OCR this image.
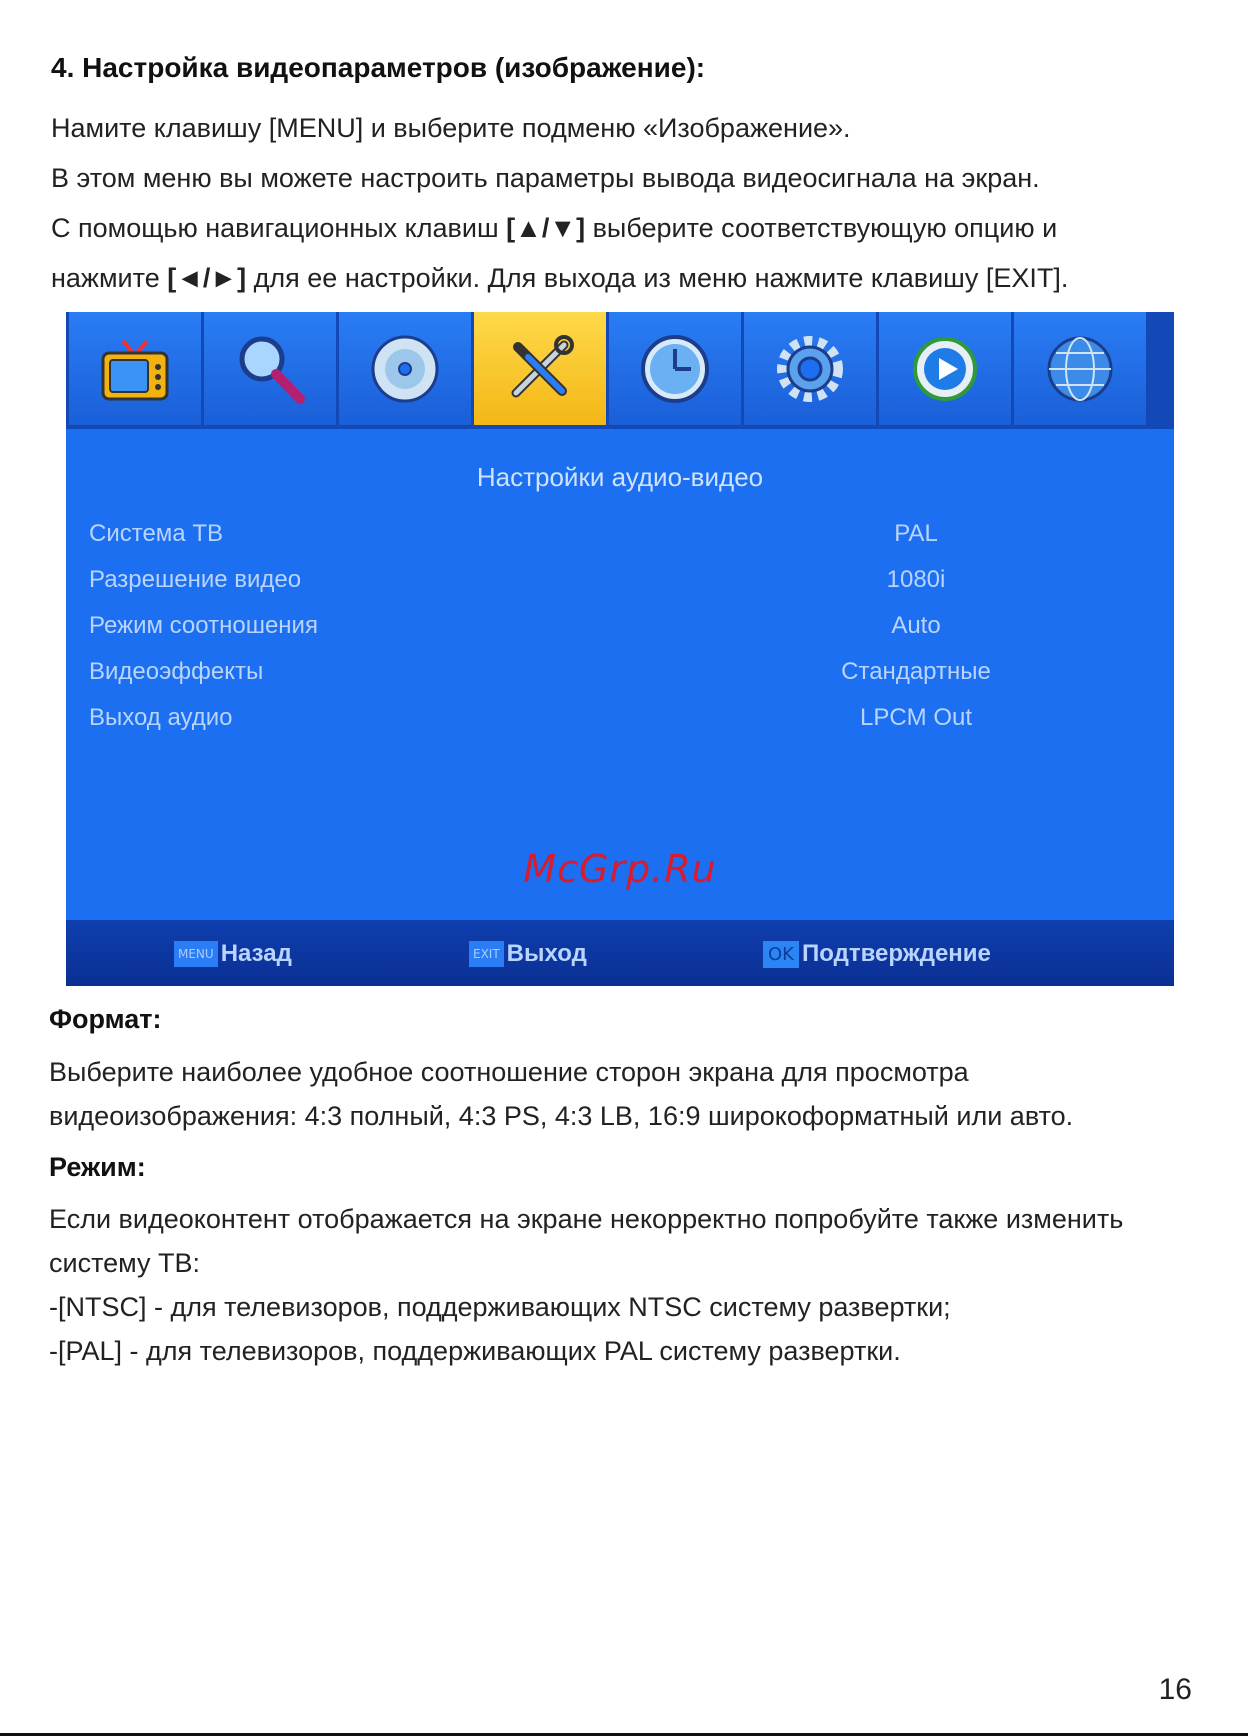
4. Настройка видеопараметров (изображение):

Намите клавишу [MENU] и выберите подменю «Изображение».

В этом меню вы можете настроить параметры вывода видеосигнала на экран.

С помощью навигационных клавиш [▲/▼] выберите соответствующую опцию и

нажмите [◄/►] для ее настройки. Для выхода из меню нажмите клавишу [EXIT].

Настройки аудио-видео
Система ТВ	PAL
Разрешение видео	1080i
Режим соотношения	Auto
Видеоэффекты	Стандартные
Выход аудио	LPCM Out
McGrp.Ru
MENU Назад	EXIT Выход	OK Подтверждение
Формат:

Выберите наиболее удобное соотношение сторон экрана для просмотра

видеоизображения: 4:3 полный, 4:3 PS, 4:3 LB, 16:9 широкоформатный или авто.

Режим:

Если видеоконтент отображается на экране некорректно попробуйте также изменить

систему ТВ:

-[NTSC] - для телевизоров, поддерживающих NTSC систему развертки;

-[PAL] - для телевизоров, поддерживающих PAL систему развертки.

16
